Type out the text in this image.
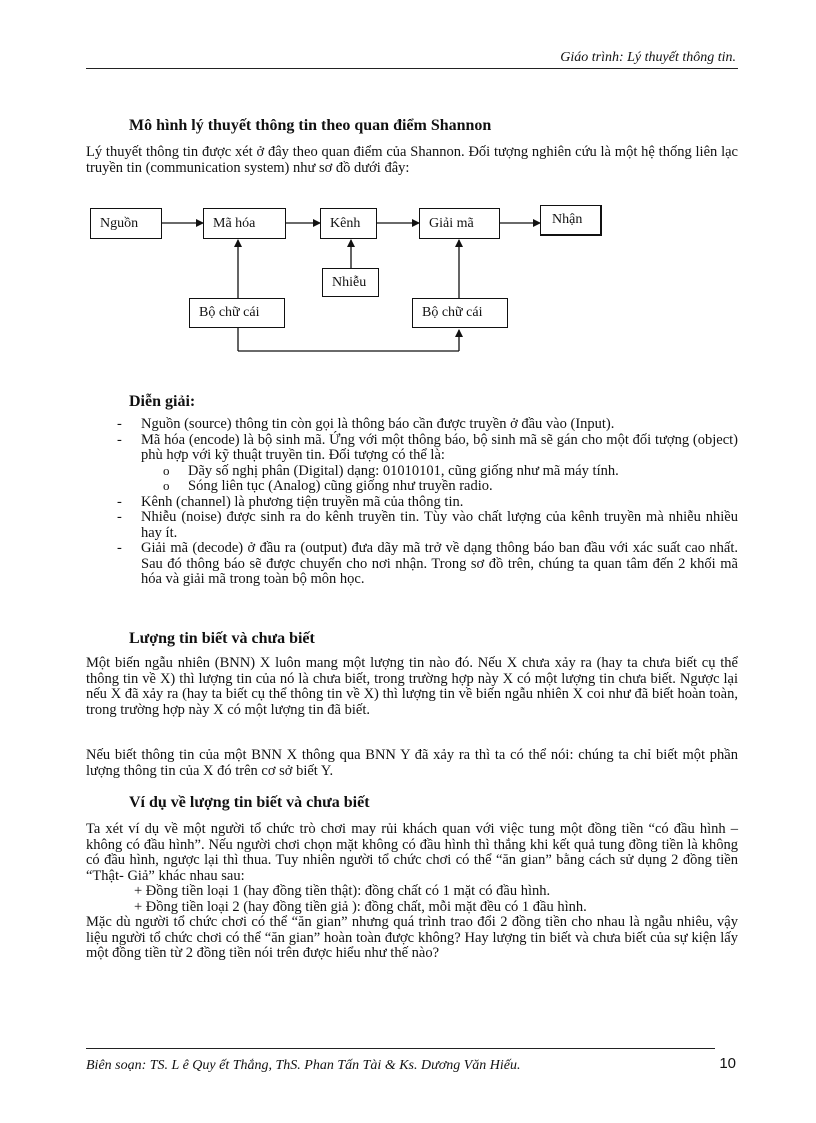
Giáo trình: Lý thuyết thông tin.
Mô hình lý thuyết thông tin theo quan điểm Shannon
Lý thuyết thông tin được xét ở đây theo quan điểm của Shannon. Đối tượng nghiên cứu là một hệ thống liên lạc truyền tin (communication system) như sơ đồ dưới đây:
Nguồn	Mã hóa	Kênh	Giải mã	Nhận
Nhiễu
Bộ chữ cái	Bộ chữ cái
Diễn giải:
- Nguồn (source) thông tin còn gọi là thông báo cần được truyền ở đầu vào (Input).
- Mã hóa (encode) là bộ sinh mã. Ứng với một thông báo, bộ sinh mã sẽ gán cho một đối tượng (object) phù hợp với kỹ thuật truyền tin. Đối tượng có thể là:
o Dãy số nghị phân (Digital) dạng: 01010101, cũng giống như mã máy tính.
o Sóng liên tục (Analog) cũng giống như truyền radio.
- Kênh (channel) là phương tiện truyền mã của thông tin.
- Nhiễu (noise) được sinh ra do kênh truyền tin. Tùy vào chất lượng của kênh truyền mà nhiễu nhiều hay ít.
- Giải mã (decode) ở đầu ra (output) đưa dãy mã trở về dạng thông báo ban đầu với xác suất cao nhất. Sau đó thông báo sẽ được chuyển cho nơi nhận. Trong sơ đồ trên, chúng ta quan tâm đến 2 khối mã hóa và giải mã trong toàn bộ môn học.
Lượng tin biết và chưa biết
Một biến ngẫu nhiên (BNN) X luôn mang một lượng tin nào đó. Nếu X chưa xảy ra (hay ta chưa biết cụ thể thông tin về X) thì lượng tin của nó là chưa biết, trong trường hợp này X có một lượng tin chưa biết. Ngược lại nếu X đã xảy ra (hay ta biết cụ thể thông tin về X) thì lượng tin về biến ngẫu nhiên X coi như đã biết hoàn toàn, trong trường hợp này X có một lượng tin đã biết.
Nếu biết thông tin của một BNN X thông qua BNN Y đã xảy ra thì ta có thể nói: chúng ta chỉ biết một phần lượng thông tin của X đó trên cơ sở biết Y.
Ví dụ về lượng tin biết và chưa biết
Ta xét ví dụ về một người tổ chức trò chơi may rủi khách quan với việc tung một đồng tiền “có đầu hình – không có đầu hình”. Nếu người chơi chọn mặt không có đầu hình thì thắng khi kết quả tung đồng tiền là không có đầu hình, ngược lại thì thua. Tuy nhiên người tổ chức chơi có thể “ăn gian” bằng cách sử dụng 2 đồng tiền “Thật- Giả” khác nhau sau:
+ Đồng tiền loại 1 (hay đồng tiền thật): đồng chất có 1 mặt có đầu hình.
+ Đồng tiền loại 2 (hay đồng tiền giả ): đồng chất, mỗi mặt đều có 1 đầu hình.
Mặc dù người tổ chức chơi có thể “ăn gian” nhưng quá trình trao đổi 2 đồng tiền cho nhau là ngẫu nhiêu, vậy liệu người tổ chức chơi có thể “ăn gian” hoàn toàn được không? Hay lượng tin biết và chưa biết của sự kiện lấy một đồng tiền từ 2 đồng tiền nói trên được hiểu như thế nào?
Biên soạn: TS. L ê Quy ết Thắng, ThS. Phan Tấn Tài & Ks. Dương Văn Hiếu.	10
